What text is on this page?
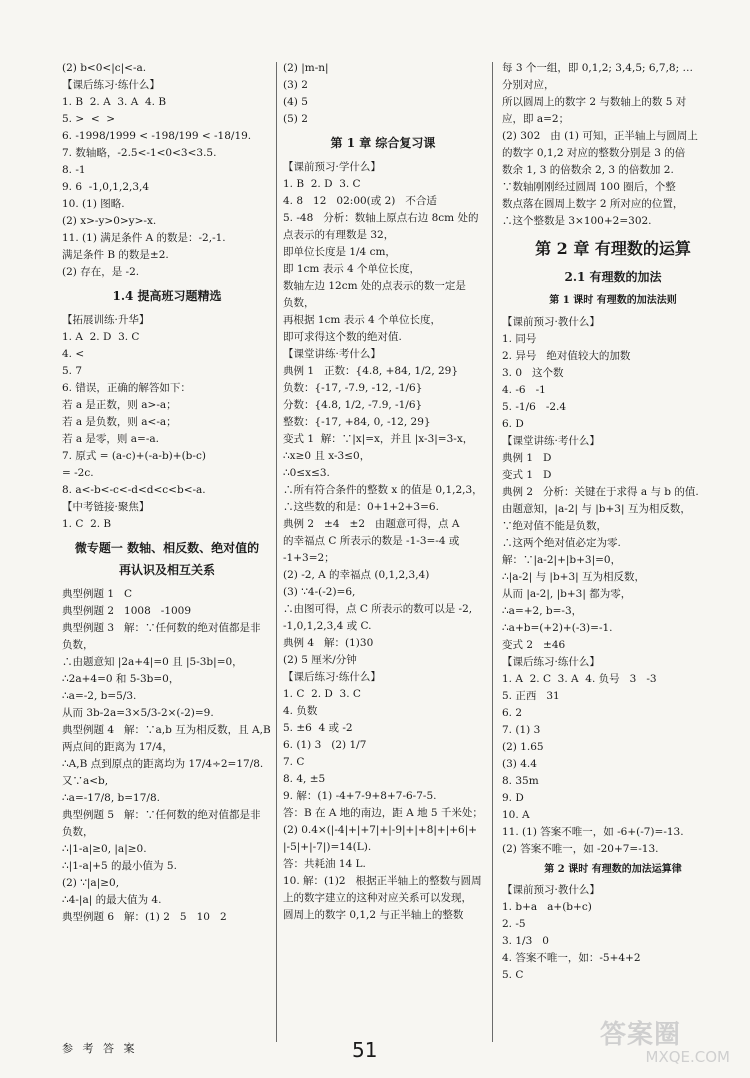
(2) b<0<|c|<-a.
【课后练习·练什么】
1. B  2. A  3. A  4. B
5. >  <  >
6. -1998/1999 < -198/199 < -18/19.
7. 数轴略，-2.5<-1<0<3<3.5.
8. -1
9. 6  -1,0,1,2,3,4
10. (1) 图略.
(2) x>-y>0>y>-x.
11. (1) 满足条件 A 的数是：-2,-1.
满足条件 B 的数是±2.
(2) 存在，是 -2.
1.4 提高班习题精选
【拓展训练·升华】
1. A  2. D  3. C
4. <
5. 7
6. 错误，正确的解答如下：
若 a 是正数，则 a>-a；
若 a 是负数，则 a<-a；
若 a 是零，则 a=-a.
7. 原式 = (a-c)+(-a-b)+(b-c)
= -2c.
8. a<-b<-c<-d<d<c<b<-a.
【中考链接·聚焦】
1. C  2. B
微专题一 数轴、相反数、绝对值的
再认识及相互关系
典型例题 1   C
典型例题 2   1008   -1009
典型例题 3   解：∵任何数的绝对值都是非
负数，
∴由题意知 |2a+4|=0 且 |5-3b|=0，
∴2a+4=0 和 5-3b=0，
∴a=-2, b=5/3.
从而 3b-2a=3×5/3-2×(-2)=9.
典型例题 4   解：∵a,b 互为相反数，且 A,B
两点间的距离为 17/4，
∴A,B 点到原点的距离均为 17/4÷2=17/8.
又∵a<b,
∴a=-17/8, b=17/8.
典型例题 5   解：∵任何数的绝对值都是非
负数，
∴|1-a|≥0, |a|≥0.
∴|1-a|+5 的最小值为 5.
(2) ∵|a|≥0,
∴4-|a| 的最大值为 4.
典型例题 6   解：(1) 2   5   10   2
(2) |m-n|
(3) 2
(4) 5
(5) 2
第 1 章 综合复习课
【课前预习·学什么】
1. B  2. D  3. C
4. 8   12   02:00(或 2)   不合适
5. -48   分析：数轴上原点右边 8cm 处的
点表示的有理数是 32，
即单位长度是 1/4 cm，
即 1cm 表示 4 个单位长度，
数轴左边 12cm 处的点表示的数一定是
负数，
再根据 1cm 表示 4 个单位长度，
即可求得这个数的绝对值.
【课堂讲练·考什么】
典例 1   正数：{4.8, +84, 1/2, 29}
负数：{-17, -7.9, -12, -1/6}
分数：{4.8, 1/2, -7.9, -1/6}
整数：{-17, +84, 0, -12, 29}
变式 1  解：∵|x|=x，并且 |x-3|=3-x，
∴x≥0 且 x-3≤0，
∴0≤x≤3.
∴所有符合条件的整数 x 的值是 0,1,2,3，
∴这些数的和是：0+1+2+3=6.
典例 2   ±4   ±2   由题意可得，点 A
的幸福点 C 所表示的数是 -1-3=-4 或
-1+3=2；
(2) -2, A 的幸福点 (0,1,2,3,4)
(3) ∵4-(-2)=6,
∴由图可得，点 C 所表示的数可以是 -2,
-1,0,1,2,3,4 或 C.
典例 4   解：(1)30
(2) 5 厘米/分钟
【课后练习·练什么】
1. C  2. D  3. C
4. 负数
5. ±6  4 或 -2
6. (1) 3   (2) 1/7
7. C
8. 4, ±5
9. 解：(1) -4+7-9+8+7-6-7-5.
答：B 在 A 地的南边，距 A 地 5 千米处；
(2) 0.4×(|-4|+|+7|+|-9|+|+8|+|+6|+
|-5|+|-7|)=14(L).
答：共耗油 14 L.
10. 解：(1)2   根据正半轴上的整数与圆周
上的数字建立的这种对应关系可以发现，
圆周上的数字 0,1,2 与正半轴上的整数
每 3 个一组，即 0,1,2; 3,4,5; 6,7,8; …
分别对应，
所以圆周上的数字 2 与数轴上的数 5 对
应，即 a=2；
(2) 302   由 (1) 可知，正半轴上与圆周上
的数字 0,1,2 对应的整数分别是 3 的倍
数余 1, 3 的倍数余 2, 3 的倍数加 2.
∵数轴刚刚经过圆周 100 圈后，个整
数点落在圆周上数字 2 所对应的位置，
∴这个整数是 3×100+2=302.
第 2 章 有理数的运算
2.1 有理数的加法
第 1 课时 有理数的加法法则
【课前预习·教什么】
1. 同号
2. 异号   绝对值较大的加数
3. 0   这个数
4. -6   -1
5. -1/6   -2.4
6. D
【课堂讲练·考什么】
典例 1   D
变式 1   D
典例 2   分析：关键在于求得 a 与 b 的值.
由题意知，|a-2| 与 |b+3| 互为相反数，
∵绝对值不能是负数，
∴这两个绝对值必定为零.
解：∵|a-2|+|b+3|=0，
∴|a-2| 与 |b+3| 互为相反数，
从而 |a-2|, |b+3| 都为零，
∴a=+2, b=-3，
∴a+b=(+2)+(-3)=-1.
变式 2   ±46
【课后练习·练什么】
1. A  2. C  3. A  4. 负号   3   -3
5. 正西   31
6. 2
7. (1) 3
(2) 1.65
(3) 4.4
8. 35m
9. D
10. A
11. (1) 答案不唯一，如 -6+(-7)=-13.
(2) 答案不唯一，如 -20+7=-13.
第 2 课时 有理数的加法运算律
【课前预习·教什么】
1. b+a   a+(b+c)
2. -5
3. 1/3   0
4. 答案不唯一，如：-5+4+2
5. C
参 考 答 案	51	答案圈
MXQE.COM
